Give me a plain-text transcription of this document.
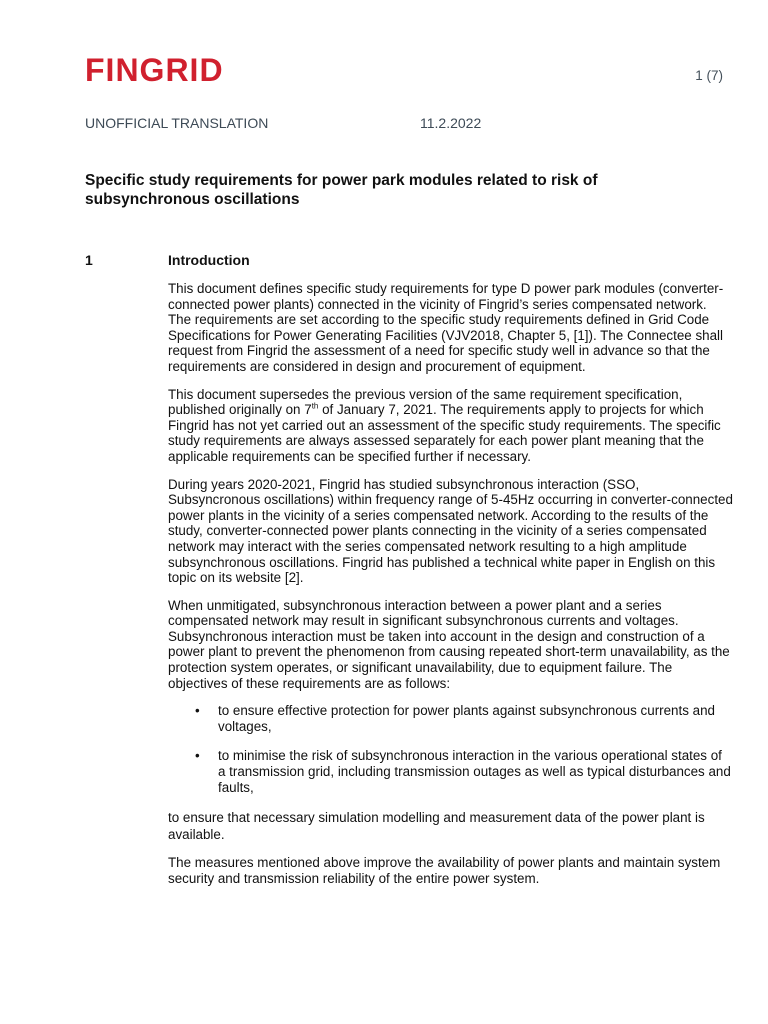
FINGRID	1 (7)
UNOFFICIAL TRANSLATION	11.2.2022
Specific study requirements for power park modules related to risk of subsynchronous oscillations
1	Introduction

This document defines specific study requirements for type D power park modules (converter-connected power plants) connected in the vicinity of Fingrid’s series compensated network. The requirements are set according to the specific study requirements defined in Grid Code Specifications for Power Generating Facilities (VJV2018, Chapter 5, [1]). The Connectee shall request from Fingrid the assessment of a need for specific study well in advance so that the requirements are considered in design and procurement of equipment.

This document supersedes the previous version of the same requirement specification, published originally on 7th of January 7, 2021. The requirements apply to projects for which Fingrid has not yet carried out an assessment of the specific study requirements. The specific study requirements are always assessed separately for each power plant meaning that the applicable requirements can be specified further if necessary.

During years 2020-2021, Fingrid has studied subsynchronous interaction (SSO, Subsyncronous oscillations) within frequency range of 5-45Hz occurring in converter-connected power plants in the vicinity of a series compensated network. According to the results of the study, converter-connected power plants connecting in the vicinity of a series compensated network may interact with the series compensated network resulting to a high amplitude subsynchronous oscillations. Fingrid has published a technical white paper in English on this topic on its website [2].

When unmitigated, subsynchronous interaction between a power plant and a series compensated network may result in significant subsynchronous currents and voltages. Subsynchronous interaction must be taken into account in the design and construction of a power plant to prevent the phenomenon from causing repeated short-term unavailability, as the protection system operates, or significant unavailability, due to equipment failure. The objectives of these requirements are as follows:

• to ensure effective protection for power plants against subsynchronous currents and voltages,
• to minimise the risk of subsynchronous interaction in the various operational states of a transmission grid, including transmission outages as well as typical disturbances and faults,

to ensure that necessary simulation modelling and measurement data of the power plant is available.

The measures mentioned above improve the availability of power plants and maintain system security and transmission reliability of the entire power system.
